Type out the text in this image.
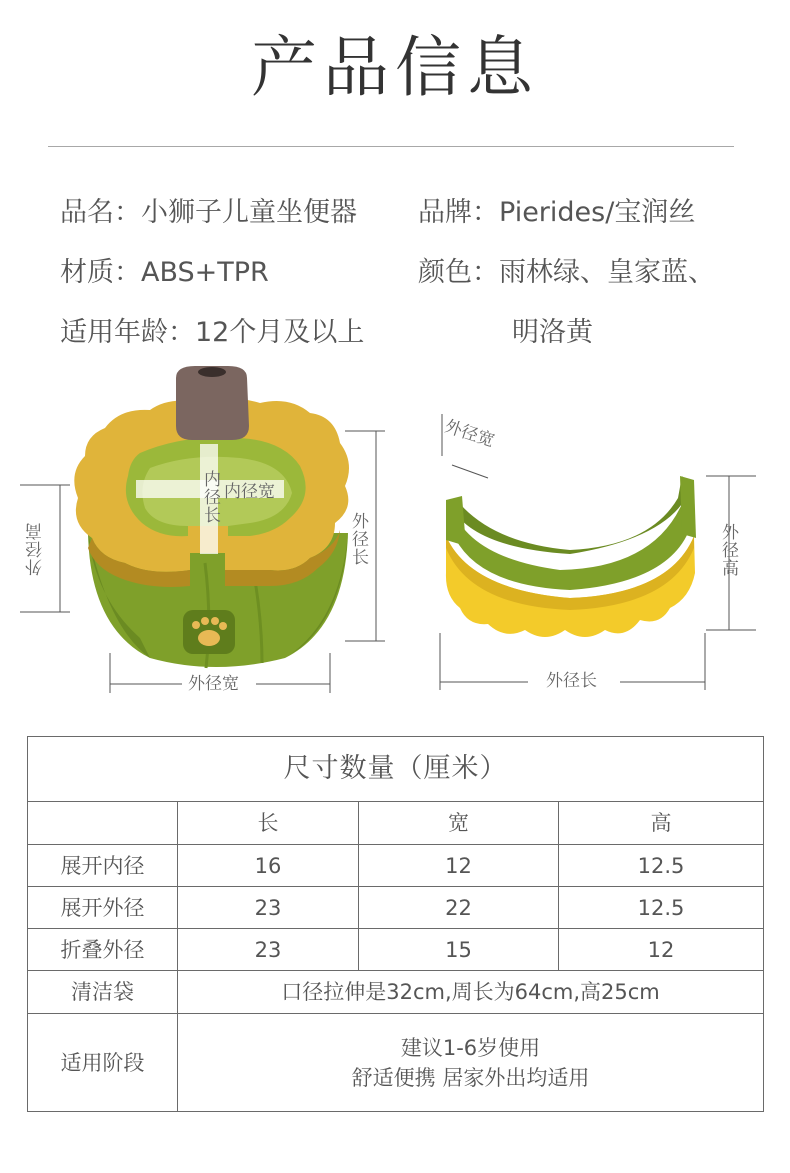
产品信息
品名：小狮子儿童坐便器 品牌：Pierides/宝润丝
材质：ABS+TPR	颜色：雨林绿、皇家蓝、
适用年龄：12个月及以上	明洛黄
内径宽
内径长
外径高	外径长
外径宽
外径宽
外径高
外径长
尺寸数量（厘米）			
	长	宽	高
展开内径	16	12	12.5
展开外径	23	22	12.5
折叠外径	23	15	12
清洁袋	口径拉伸是32cm,周长为64cm,高25cm		
适用阶段	建议1-6岁使用
舒适便携 居家外出均适用		
